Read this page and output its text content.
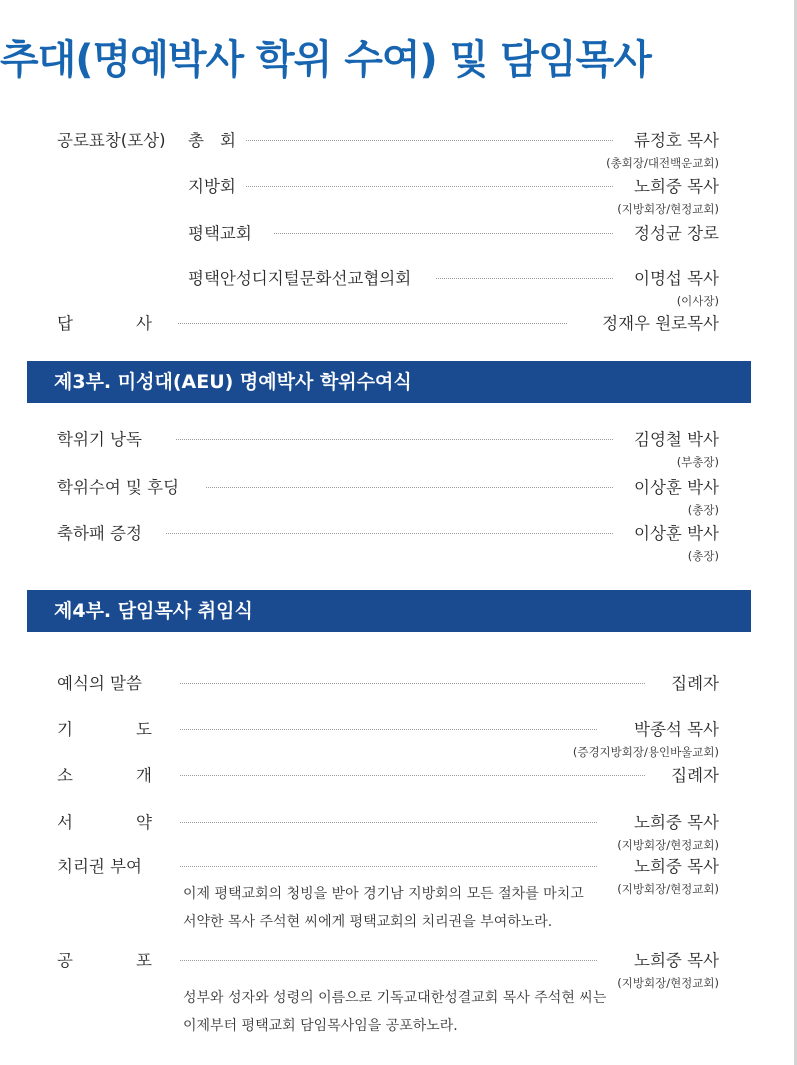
추대(명예박사 학위 수여) 및 담임목사
공로표창(포상) 총 회	류정호 목사
(총회장/대전백운교회)
지방회	노희중 목사
(지방회장/현정교회)
평택교회	정성균 장로
평택안성디지털문화선교협의회	이명섭 목사
(이사장)
답	사	정재우 원로목사
제3부. 미성대(AEU) 명예박사 학위수여식
학위기 낭독	김영철 박사
(부총장)
학위수여 및 후딩	이상훈 박사
(총장)
축하패 증정	이상훈 박사
(총장)
제4부. 담임목사 취임식
예식의 말씀	집례자
기	도	박종석 목사
(증경지방회장/용인바울교회)
소	개	집례자
서	약	노희중 목사
(지방회장/현정교회)
치리권 부여	노희중 목사
(지방회장/현정교회)
이제 평택교회의 청빙을 받아 경기남 지방회의 모든 절차를 마치고
서약한 목사 주석현 씨에게 평택교회의 치리권을 부여하노라.
공	포	노희중 목사
(지방회장/현정교회)
성부와 성자와 성령의 이름으로 기독교대한성결교회 목사 주석현 씨는
이제부터 평택교회 담임목사임을 공포하노라.
